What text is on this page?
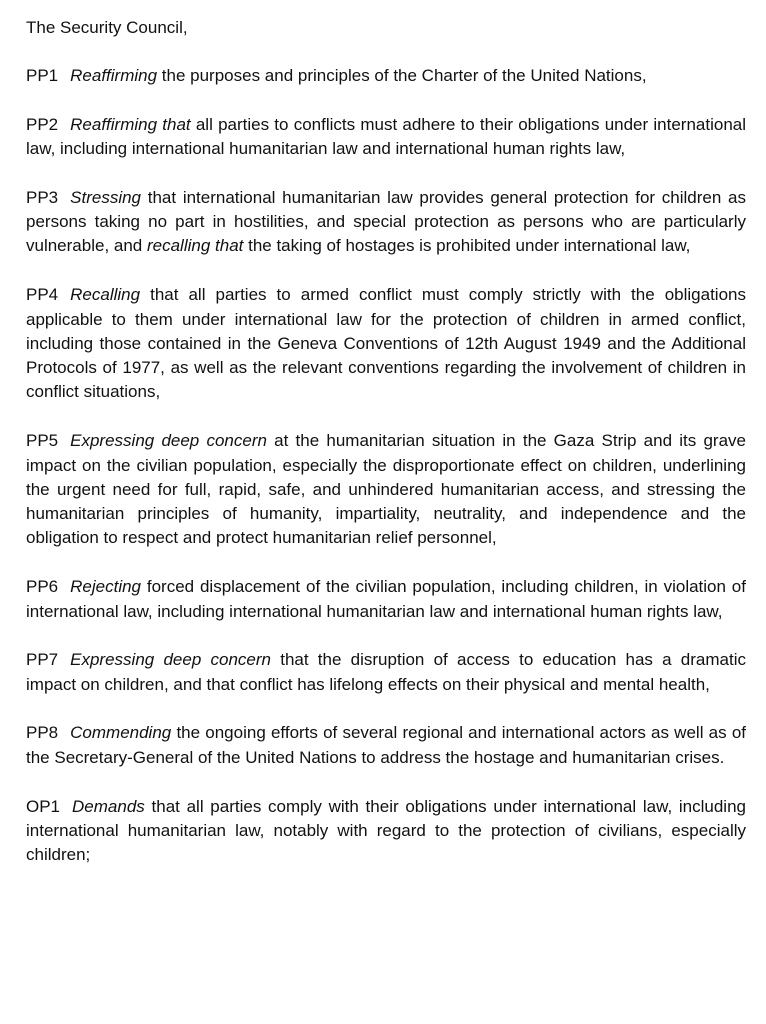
The Security Council,

PP1 Reaffirming the purposes and principles of the Charter of the United Nations,

PP2 Reaffirming that all parties to conflicts must adhere to their obligations under international law, including international humanitarian law and international human rights law,

PP3 Stressing that international humanitarian law provides general protection for children as persons taking no part in hostilities, and special protection as persons who are particularly vulnerable, and recalling that the taking of hostages is prohibited under international law,

PP4 Recalling that all parties to armed conflict must comply strictly with the obligations applicable to them under international law for the protection of children in armed conflict, including those contained in the Geneva Conventions of 12th August 1949 and the Additional Protocols of 1977, as well as the relevant conventions regarding the involvement of children in conflict situations,

PP5 Expressing deep concern at the humanitarian situation in the Gaza Strip and its grave impact on the civilian population, especially the disproportionate effect on children, underlining the urgent need for full, rapid, safe, and unhindered humanitarian access, and stressing the humanitarian principles of humanity, impartiality, neutrality, and independence and the obligation to respect and protect humanitarian relief personnel,

PP6 Rejecting forced displacement of the civilian population, including children, in violation of international law, including international humanitarian law and international human rights law,

PP7 Expressing deep concern that the disruption of access to education has a dramatic impact on children, and that conflict has lifelong effects on their physical and mental health,

PP8 Commending the ongoing efforts of several regional and international actors as well as of the Secretary-General of the United Nations to address the hostage and humanitarian crises.

OP1 Demands that all parties comply with their obligations under international law, including international humanitarian law, notably with regard to the protection of civilians, especially children;
